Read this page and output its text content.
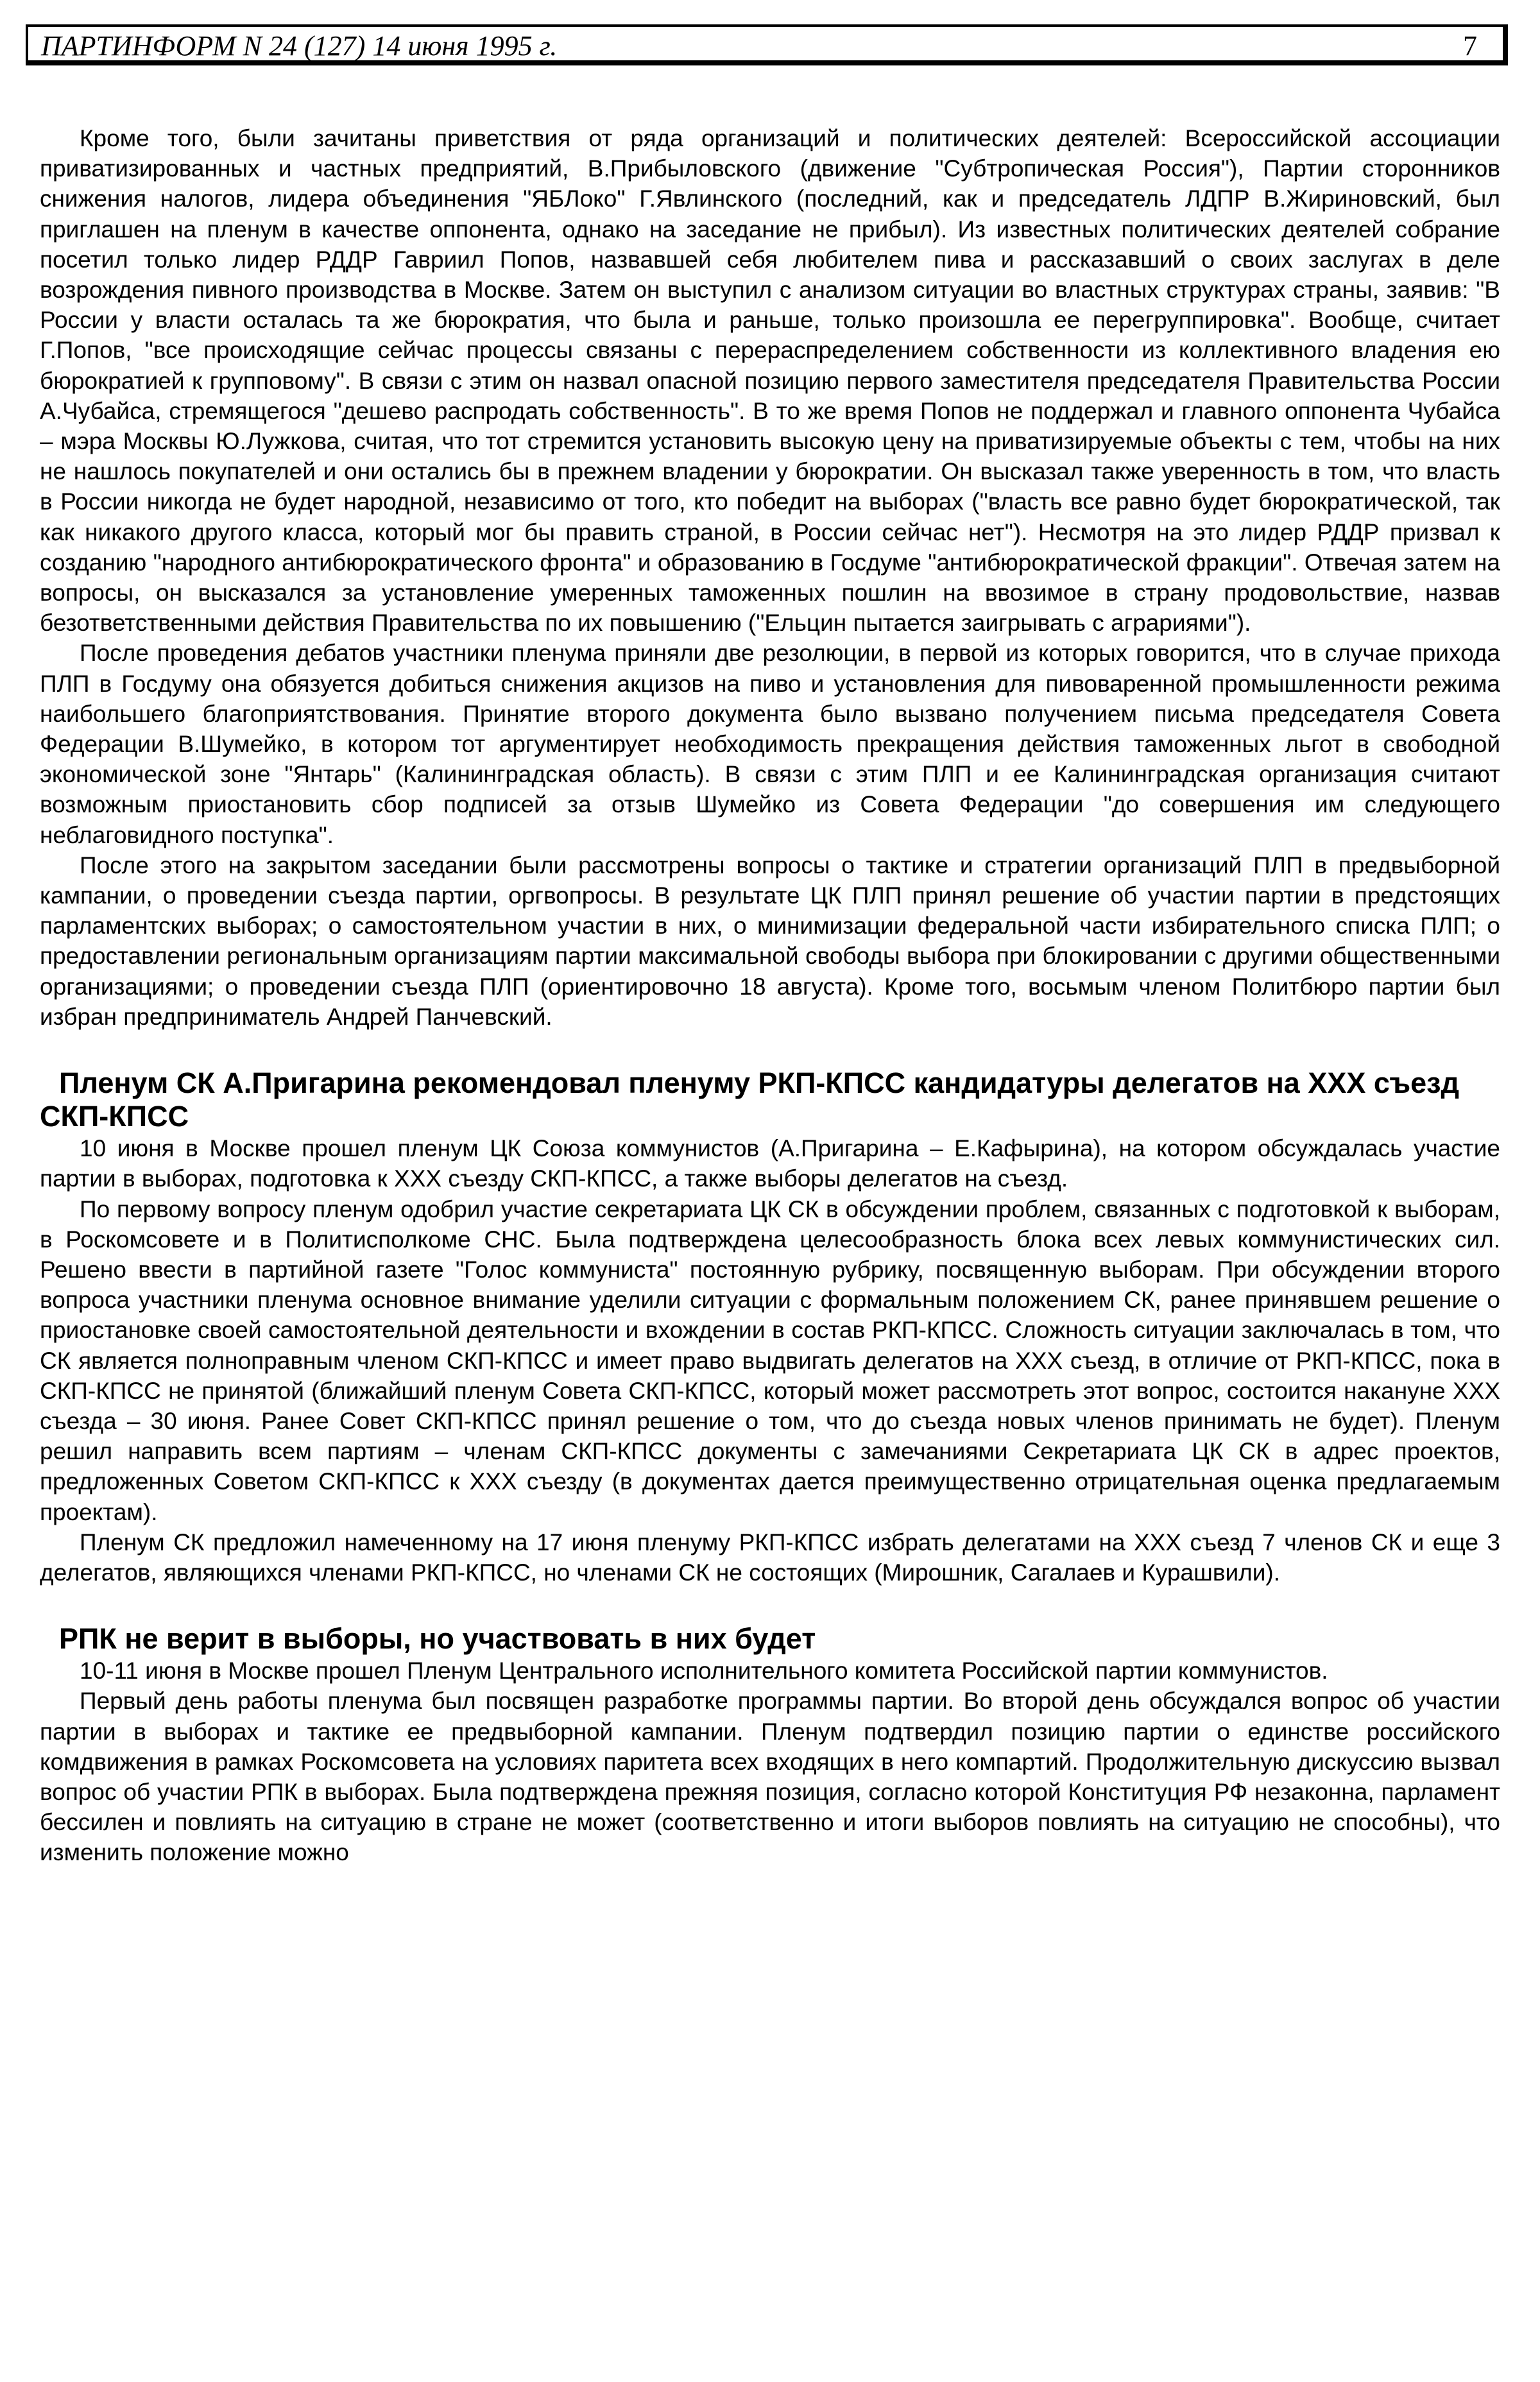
ПАРТИНФОРМ N 24 (127) 14 июня 1995 г.	7

Кроме того, были зачитаны приветствия от ряда организаций и политических деятелей: Всероссийской ассоциации приватизированных и частных предприятий, В.Прибыловского (движение "Субтропическая Россия"), Партии сторонников снижения налогов, лидера объединения "ЯБЛоко" Г.Явлинского (последний, как и председатель ЛДПР В.Жириновский, был приглашен на пленум в качестве оппонента, однако на заседание не прибыл). Из известных политических деятелей собрание посетил только лидер РДДР Гавриил Попов, назвавшей себя любителем пива и рассказавший о своих заслугах в деле возрождения пивного производства в Москве. Затем он выступил с анализом ситуации во властных структурах страны, заявив: "В России у власти осталась та же бюрократия, что была и раньше, только произошла ее перегруппировка". Вообще, считает Г.Попов, "все происходящие сейчас процессы связаны с перераспределением собственности из коллективного владения ею бюрократией к групповому". В связи с этим он назвал опасной позицию первого заместителя председателя Правительства России А.Чубайса, стремящегося "дешево распродать собственность". В то же время Попов не поддержал и главного оппонента Чубайса – мэра Москвы Ю.Лужкова, считая, что тот стремится установить высокую цену на приватизируемые объекты с тем, чтобы на них не нашлось покупателей и они остались бы в прежнем владении у бюрократии. Он высказал также уверенность в том, что власть в России никогда не будет народной, независимо от того, кто победит на выборах ("власть все равно будет бюрократической, так как никакого другого класса, который мог бы править страной, в России сейчас нет"). Несмотря на это лидер РДДР призвал к созданию "народного антибюрократического фронта" и образованию в Госдуме "антибюрократической фракции". Отвечая затем на вопросы, он высказался за установление умеренных таможенных пошлин на ввозимое в страну продовольствие, назвав безответственными действия Правительства по их повышению ("Ельцин пытается заигрывать с аграриями").

После проведения дебатов участники пленума приняли две резолюции, в первой из которых говорится, что в случае прихода ПЛП в Госдуму она обязуется добиться снижения акцизов на пиво и установления для пивоваренной промышленности режима наибольшего благоприятствования. Принятие второго документа было вызвано получением письма председателя Совета Федерации В.Шумейко, в котором тот аргументирует необходимость прекращения действия таможенных льгот в свободной экономической зоне "Янтарь" (Калининградская область). В связи с этим ПЛП и ее Калининградская организация считают возможным приостановить сбор подписей за отзыв Шумейко из Совета Федерации "до совершения им следующего неблаговидного поступка".

После этого на закрытом заседании были рассмотрены вопросы о тактике и стратегии организаций ПЛП в предвыборной кампании, о проведении съезда партии, оргвопросы. В результате ЦК ПЛП принял решение об участии партии в предстоящих парламентских выборах; о самостоятельном участии в них, о минимизации федеральной части избирательного списка ПЛП; о предоставлении региональным организациям партии максимальной свободы выбора при блокировании с другими общественными организациями; о проведении съезда ПЛП (ориентировочно 18 августа). Кроме того, восьмым членом Политбюро партии был избран предприниматель Андрей Панчевский.

Пленум СК А.Пригарина рекомендовал пленуму РКП-КПСС кандидатуры делегатов на XXX съезд СКП-КПСС

10 июня в Москве прошел пленум ЦК Союза коммунистов (А.Пригарина – Е.Кафырина), на котором обсуждалась участие партии в выборах, подготовка к XXX съезду СКП-КПСС, а также выборы делегатов на съезд.

По первому вопросу пленум одобрил участие секретариата ЦК СК в обсуждении проблем, связанных с подготовкой к выборам, в Роскомсовете и в Политисполкоме СНС. Была подтверждена целесообразность блока всех левых коммунистических сил. Решено ввести в партийной газете "Голос коммуниста" постоянную рубрику, посвященную выборам. При обсуждении второго вопроса участники пленума основное внимание уделили ситуации с формальным положением СК, ранее принявшем решение о приостановке своей самостоятельной деятельности и вхождении в состав РКП-КПСС. Сложность ситуации заключалась в том, что СК является полноправным членом СКП-КПСС и имеет право выдвигать делегатов на XXX съезд, в отличие от РКП-КПСС, пока в СКП-КПСС не принятой (ближайший пленум Совета СКП-КПСС, который может рассмотреть этот вопрос, состоится накануне XXX съезда – 30 июня. Ранее Совет СКП-КПСС принял решение о том, что до съезда новых членов принимать не будет). Пленум решил направить всем партиям – членам СКП-КПСС документы с замечаниями Секретариата ЦК СК в адрес проектов, предложенных Советом СКП-КПСС к XXX съезду (в документах дается преимущественно отрицательная оценка предлагаемым проектам).

Пленум СК предложил намеченному на 17 июня пленуму РКП-КПСС избрать делегатами на XXX съезд 7 членов СК и еще 3 делегатов, являющихся членами РКП-КПСС, но членами СК не состоящих (Мирошник, Сагалаев и Курашвили).

РПК не верит в выборы, но участвовать в них будет

10-11 июня в Москве прошел Пленум Центрального исполнительного комитета Российской партии коммунистов.

Первый день работы пленума был посвящен разработке программы партии. Во второй день обсуждался вопрос об участии партии в выборах и тактике ее предвыборной кампании. Пленум подтвердил позицию партии о единстве российского комдвижения в рамках Роскомсовета на условиях паритета всех входящих в него компартий. Продолжительную дискуссию вызвал вопрос об участии РПК в выборах. Была подтверждена прежняя позиция, согласно которой Конституция РФ незаконна, парламент бессилен и повлиять на ситуацию в стране не может (соответственно и итоги выборов повлиять на ситуацию не способны), что изменить положение можно
